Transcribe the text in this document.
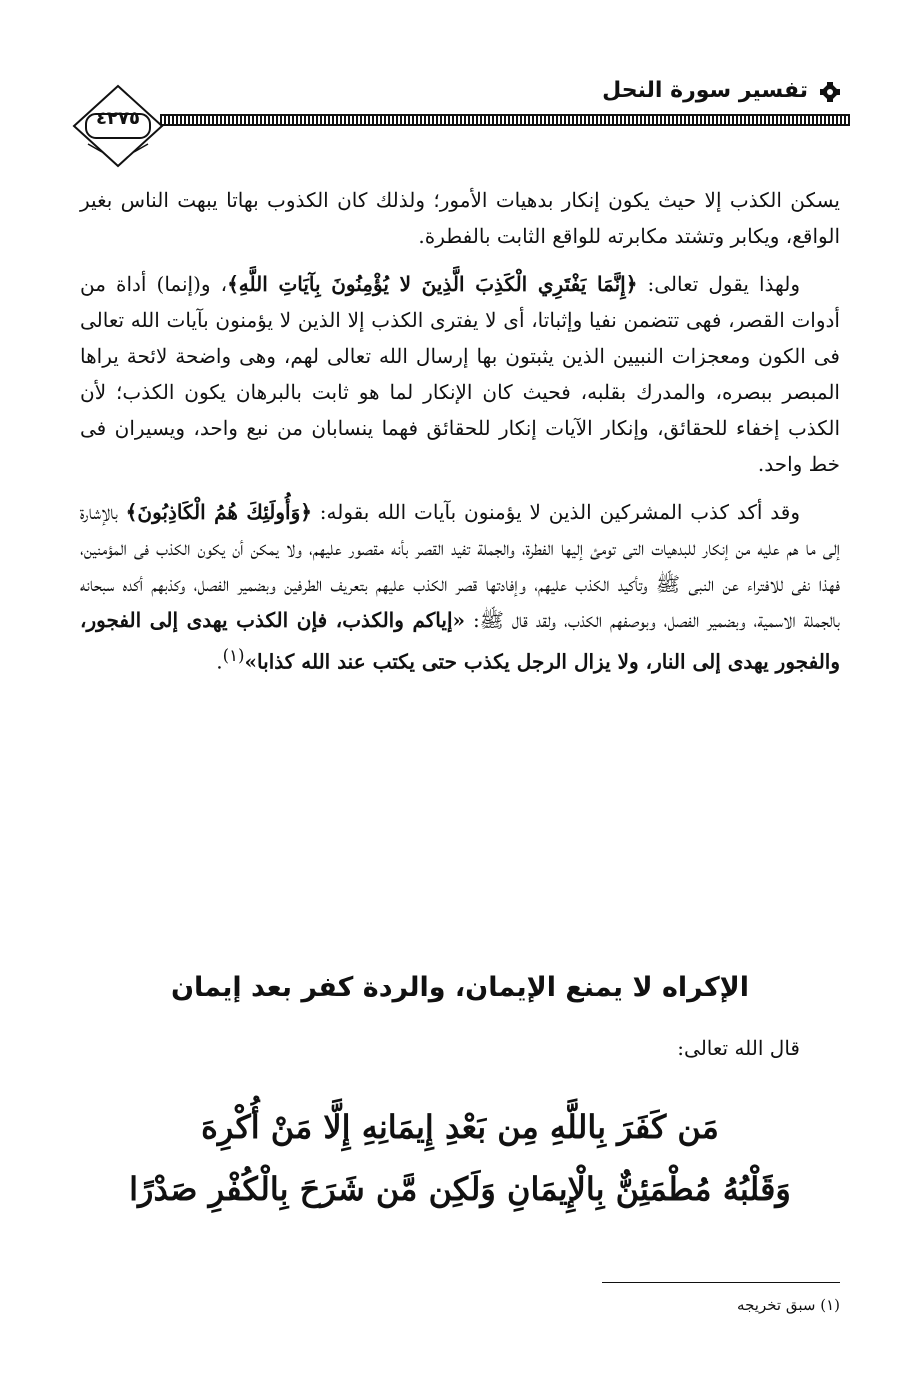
تفسير سورة النحل
٤٢٧٥

يسكن الكذب إلا حيث يكون إنكار بدهيات الأمور؛ ولذلك كان الكذوب بهاتا يبهت الناس بغير الواقع، ويكابر وتشتد مكابرته للواقع الثابت بالفطرة.

ولهذا يقول تعالى: ﴿إِنَّمَا يَفْتَرِي الْكَذِبَ الَّذِينَ لا يُؤْمِنُونَ بِآيَاتِ اللَّهِ﴾، و(إنما) أداة من أدوات القصر، فهى تتضمن نفيا وإثباتا، أى لا يفترى الكذب إلا الذين لا يؤمنون بآيات الله تعالى فى الكون ومعجزات النبيين الذين يثبتون بها إرسال الله تعالى لهم، وهى واضحة لائحة يراها المبصر ببصره، والمدرك بقلبه، فحيث كان الإنكار لما هو ثابت بالبرهان يكون الكذب؛ لأن الكذب إخفاء للحقائق، وإنكار الآيات إنكار للحقائق فهما ينسابان من نبع واحد، ويسيران فى خط واحد.

وقد أكد كذب المشركين الذين لا يؤمنون بآيات الله بقوله: ﴿وَأُولَئِكَ هُمُ الْكَاذِبُونَ﴾ بالإشارة إلى ما هم عليه من إنكار للبدهيات التى تومئ إليها الفطرة، والجملة تفيد القصر بأنه مقصور عليهم، ولا يمكن أن يكون الكذب فى المؤمنين، فهذا نفى للافتراء عن النبى ﷺ وتأكيد الكذب عليهم، وإفادتها قصر الكذب عليهم بتعريف الطرفين وبضمير الفصل، وكذبهم أكده سبحانه بالجملة الاسمية، وبضمير الفصل، وبوصفهم الكذب، ولقد قال ﷺ: «إياكم والكذب، فإن الكذب يهدى إلى الفجور، والفجور يهدى إلى النار، ولا يزال الرجل يكذب حتى يكتب عند الله كذابا»$^{(١)}$.

الإكراه لا يمنع الإيمان، والردة كفر بعد إيمان
قال الله تعالى:
مَن كَفَرَ بِاللَّهِ مِن بَعْدِ إِيمَانِهِ إِلَّا مَنْ أُكْرِهَ
وَقَلْبُهُ مُطْمَئِنٌّ بِالْإِيمَانِ وَلَكِن مَّن شَرَحَ بِالْكُفْرِ صَدْرًا
(١) سبق تخريجه
